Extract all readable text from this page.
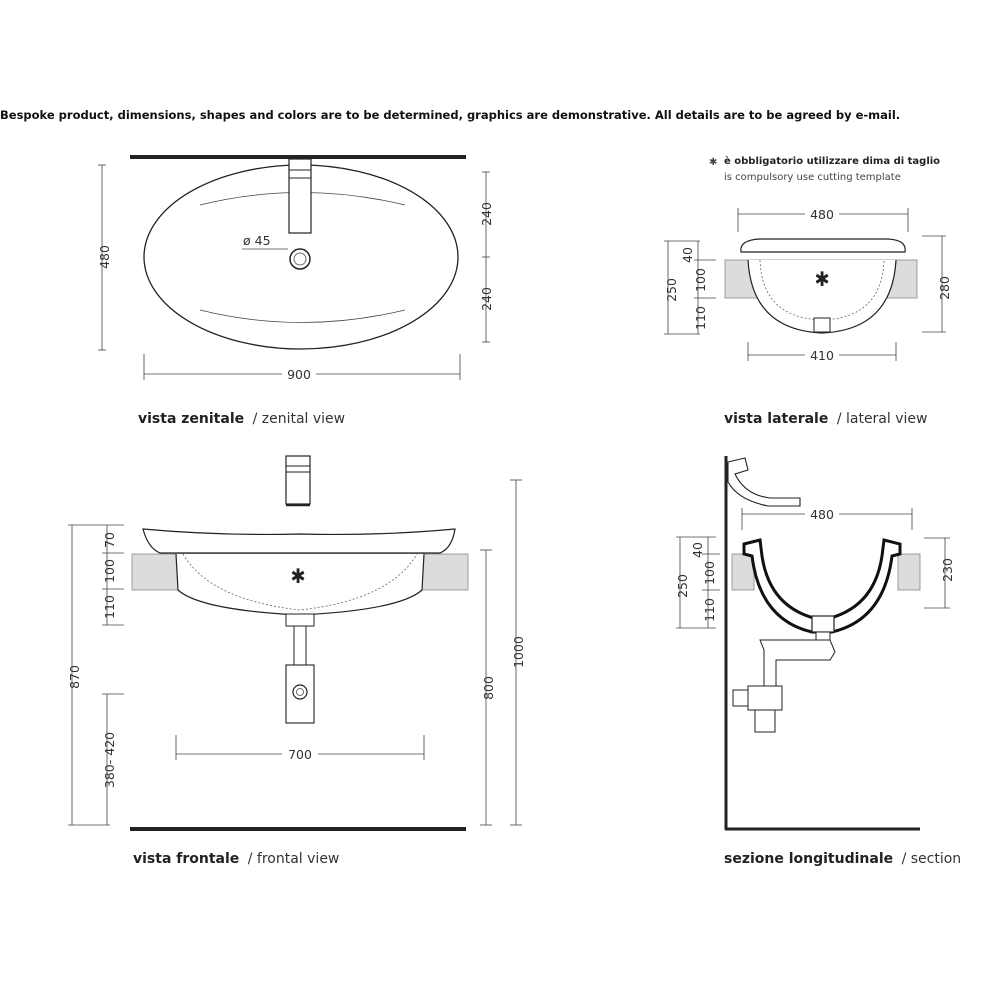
Bespoke product, dimensions, shapes and colors are to be determined, graphics are demonstrative. All details are to be agreed by e-mail.
ø 45
480
240
240
900
vista zenitale / zenital view
✱ è obbligatorio utilizzare dima di taglio
is compulsory use cutting template
480
✱
250
40
100
110
280
410
vista laterale / lateral view
✱
870
70
100
110
380- 420	700
800
1000
vista frontale / frontal view
480
250
40
100
110
230
sezione longitudinale / section
